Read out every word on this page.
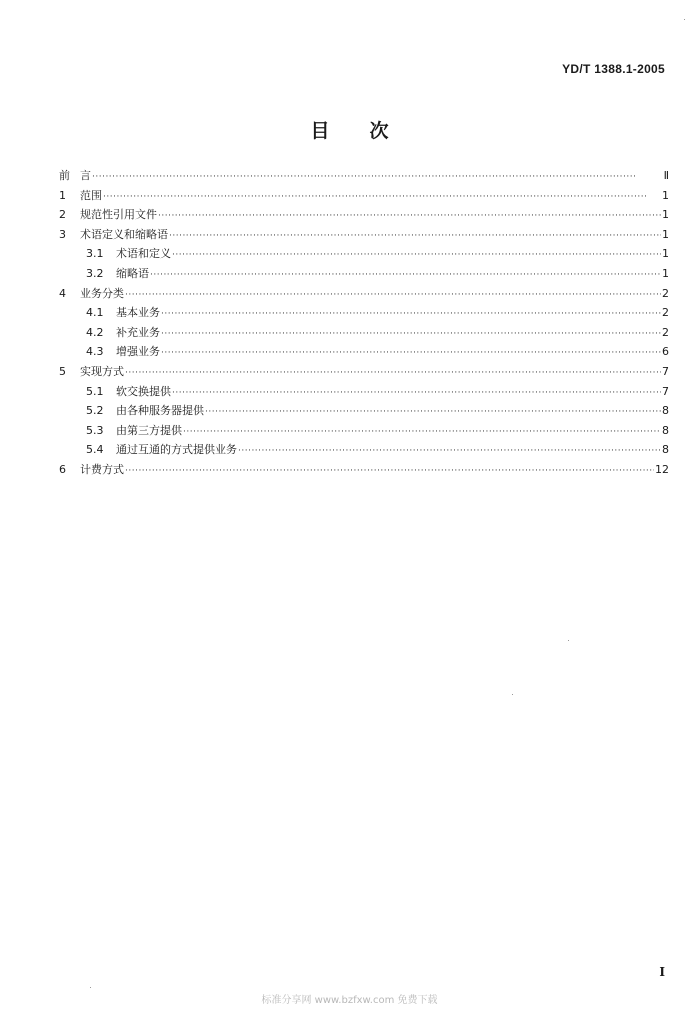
YD/T 1388.1-2005
目 次
前 言 ·····	Ⅱ
1	范围 ·····	1
2	规范性引用文件 ·····	1
3	术语定义和缩略语 ·····	1
3.1	术语和定义 ·····	1
3.2	缩略语 ·····	1
4	业务分类 ·····	2
4.1	基本业务 ·····	2
4.2	补充业务 ·····	2
4.3	增强业务 ·····	6
5	实现方式 ·····	7
5.1	软交换提供 ·····	7
5.2	由各种服务器提供 ·····	8
5.3	由第三方提供 ·····	8
5.4	通过互通的方式提供业务 ·····	8
6	计费方式 ·····	12
I
标准分享网 www.bzfxw.com 免费下载
